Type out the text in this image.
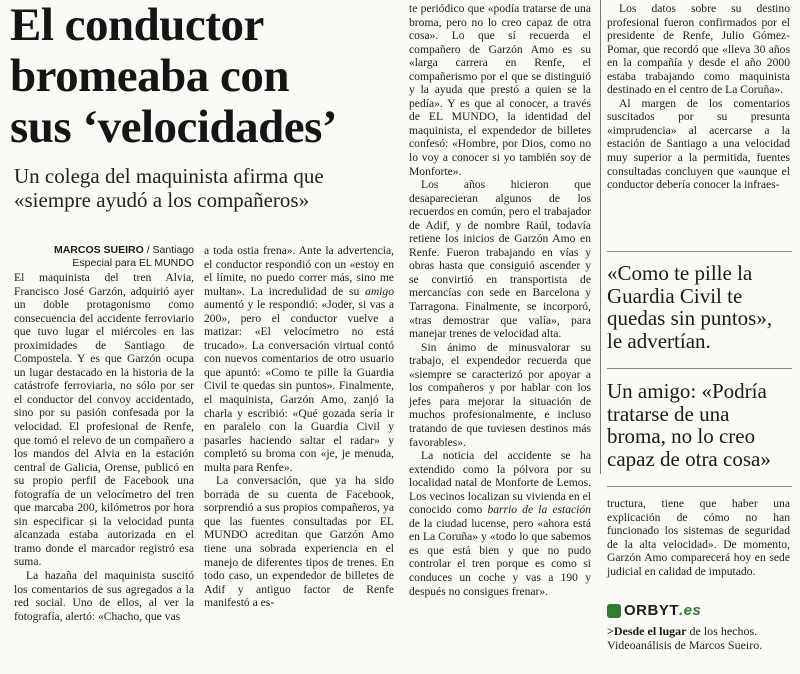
El conductor
bromeaba con
sus ‘velocidades’
Un colega del maquinista afirma que
«siempre ayudó a los compañeros»
MARCOS SUEIRO / Santiago
Especial para EL MUNDO

El maquinista del tren Alvia, Francisco José Garzón, adquirió ayer un doble protagonismo como consecuencia del accidente ferroviario que tuvo lugar el miércoles en las proximidades de Santiago de Compostela. Y es que Garzón ocupa un lugar destacado en la historia de la catástrofe ferroviaria, no sólo por ser el conductor del convoy accidentado, sino por su pasión confesada por la velocidad. El profesional de Renfe, que tomó el relevo de un compañero a los mandos del Alvia en la estación central de Galicia, Orense, publicó en su propio perfil de Facebook una fotografía de un velocímetro del tren que marcaba 200, kilómetros por hora sin especificar si la velocidad punta alcanzada estaba autorizada en el tramo donde el marcador registró esa suma.

La hazaña del maquinista suscitó los comentarios de sus agregados a la red social. Uno de ellos, al ver la fotografía, alertó: «Chacho, que vas

a toda ostia frena». Ante la advertencia, el conductor respondió con un «estoy en el límite, no puedo correr más, sino me multan». La incredulidad de su amigo aumentó y le respondió: «Joder, si vas a 200», pero el conductor vuelve a matizar: «El velocímetro no está trucado». La conversación virtual contó con nuevos comentarios de otro usuario que apuntó: «Como te pille la Guardia Civil te quedas sin puntos». Finalmente, el maquinista, Garzón Amo, zanjó la charla y escribió: «Qué gozada sería ir en paralelo con la Guardia Civil y pasarles haciendo saltar el radar» y completó su broma con «je, je menuda, multa para Renfe».

La conversación, que ya ha sido borrada de su cuenta de Facebook, sorprendió a sus propios compañeros, ya que las fuentes consultadas por EL MUNDO acreditan que Garzón Amo tiene una sobrada experiencia en el manejo de diferentes tipos de trenes. En todo caso, un expendedor de billetes de Adif y antiguo factor de Renfe manifestó a es-

te periódico que «podía tratarse de una broma, pero no lo creo capaz de otra cosa». Lo que sí recuerda el compañero de Garzón Amo es su «larga carrera en Renfe, el compañerismo por el que se distinguió y la ayuda que prestó a quien se la pedía». Y es que al conocer, a través de EL MUNDO, la identidad del maquinista, el expendedor de billetes confesó: «Hombre, por Dios, como no lo voy a conocer si yo también soy de Monforte».

Los años hicieron que desaparecieran algunos de los recuerdos en común, pero el trabajador de Adif, y de nombre Raúl, todavía retiene los inicios de Garzón Amo en Renfe. Fueron trabajando en vías y obras hasta que consiguió ascender y se convirtió en transportista de mercancías con sede en Barcelona y Tarragona. Finalmente, se incorporó, «tras demostrar que valía», para manejar trenes de velocidad alta.

Sin ánimo de minusvalorar su trabajo, el expendedor recuerda que «siempre se caracterizó por apoyar a los compañeros y por hablar con los jefes para mejorar la situación de muchos profesionalmente, e incluso tratando de que tuviesen destinos más favorables».

La noticia del accidente se ha extendido como la pólvora por su localidad natal de Monforte de Lemos. Los vecinos localizan su vivienda en el conocido como barrio de la estación de la ciudad lucense, pero «ahora está en La Coruña» y «todo lo que sabemos es que está bien y que no pudo controlar el tren porque es como si conduces un coche y vas a 190 y después no consigues frenar».

Los datos sobre su destino profesional fueron confirmados por el presidente de Renfe, Julio Gómez-Pomar, que recordó que «lleva 30 años en la compañía y desde el año 2000 estaba trabajando como maquinista destinado en el centro de La Coruña».

Al margen de los comentarios suscitados por su presunta «imprudencia» al acercarse a la estación de Santiago a una velocidad muy superior a la permitida, fuentes consultadas concluyen que «aunque el conductor debería conocer la infraes-

«Como te pille la Guardia Civil te quedas sin puntos», le advertían.
Un amigo: «Podría tratarse de una broma, no lo creo capaz de otra cosa»

tructura, tiene que haber una explicación de cómo no han funcionado los sistemas de seguridad de la alta velocidad». De momento, Garzón Amo comparecerá hoy en sede judicial en calidad de imputado.

ORBYT .es
>Desde el lugar de los hechos. Videoanálisis de Marcos Sueiro.
